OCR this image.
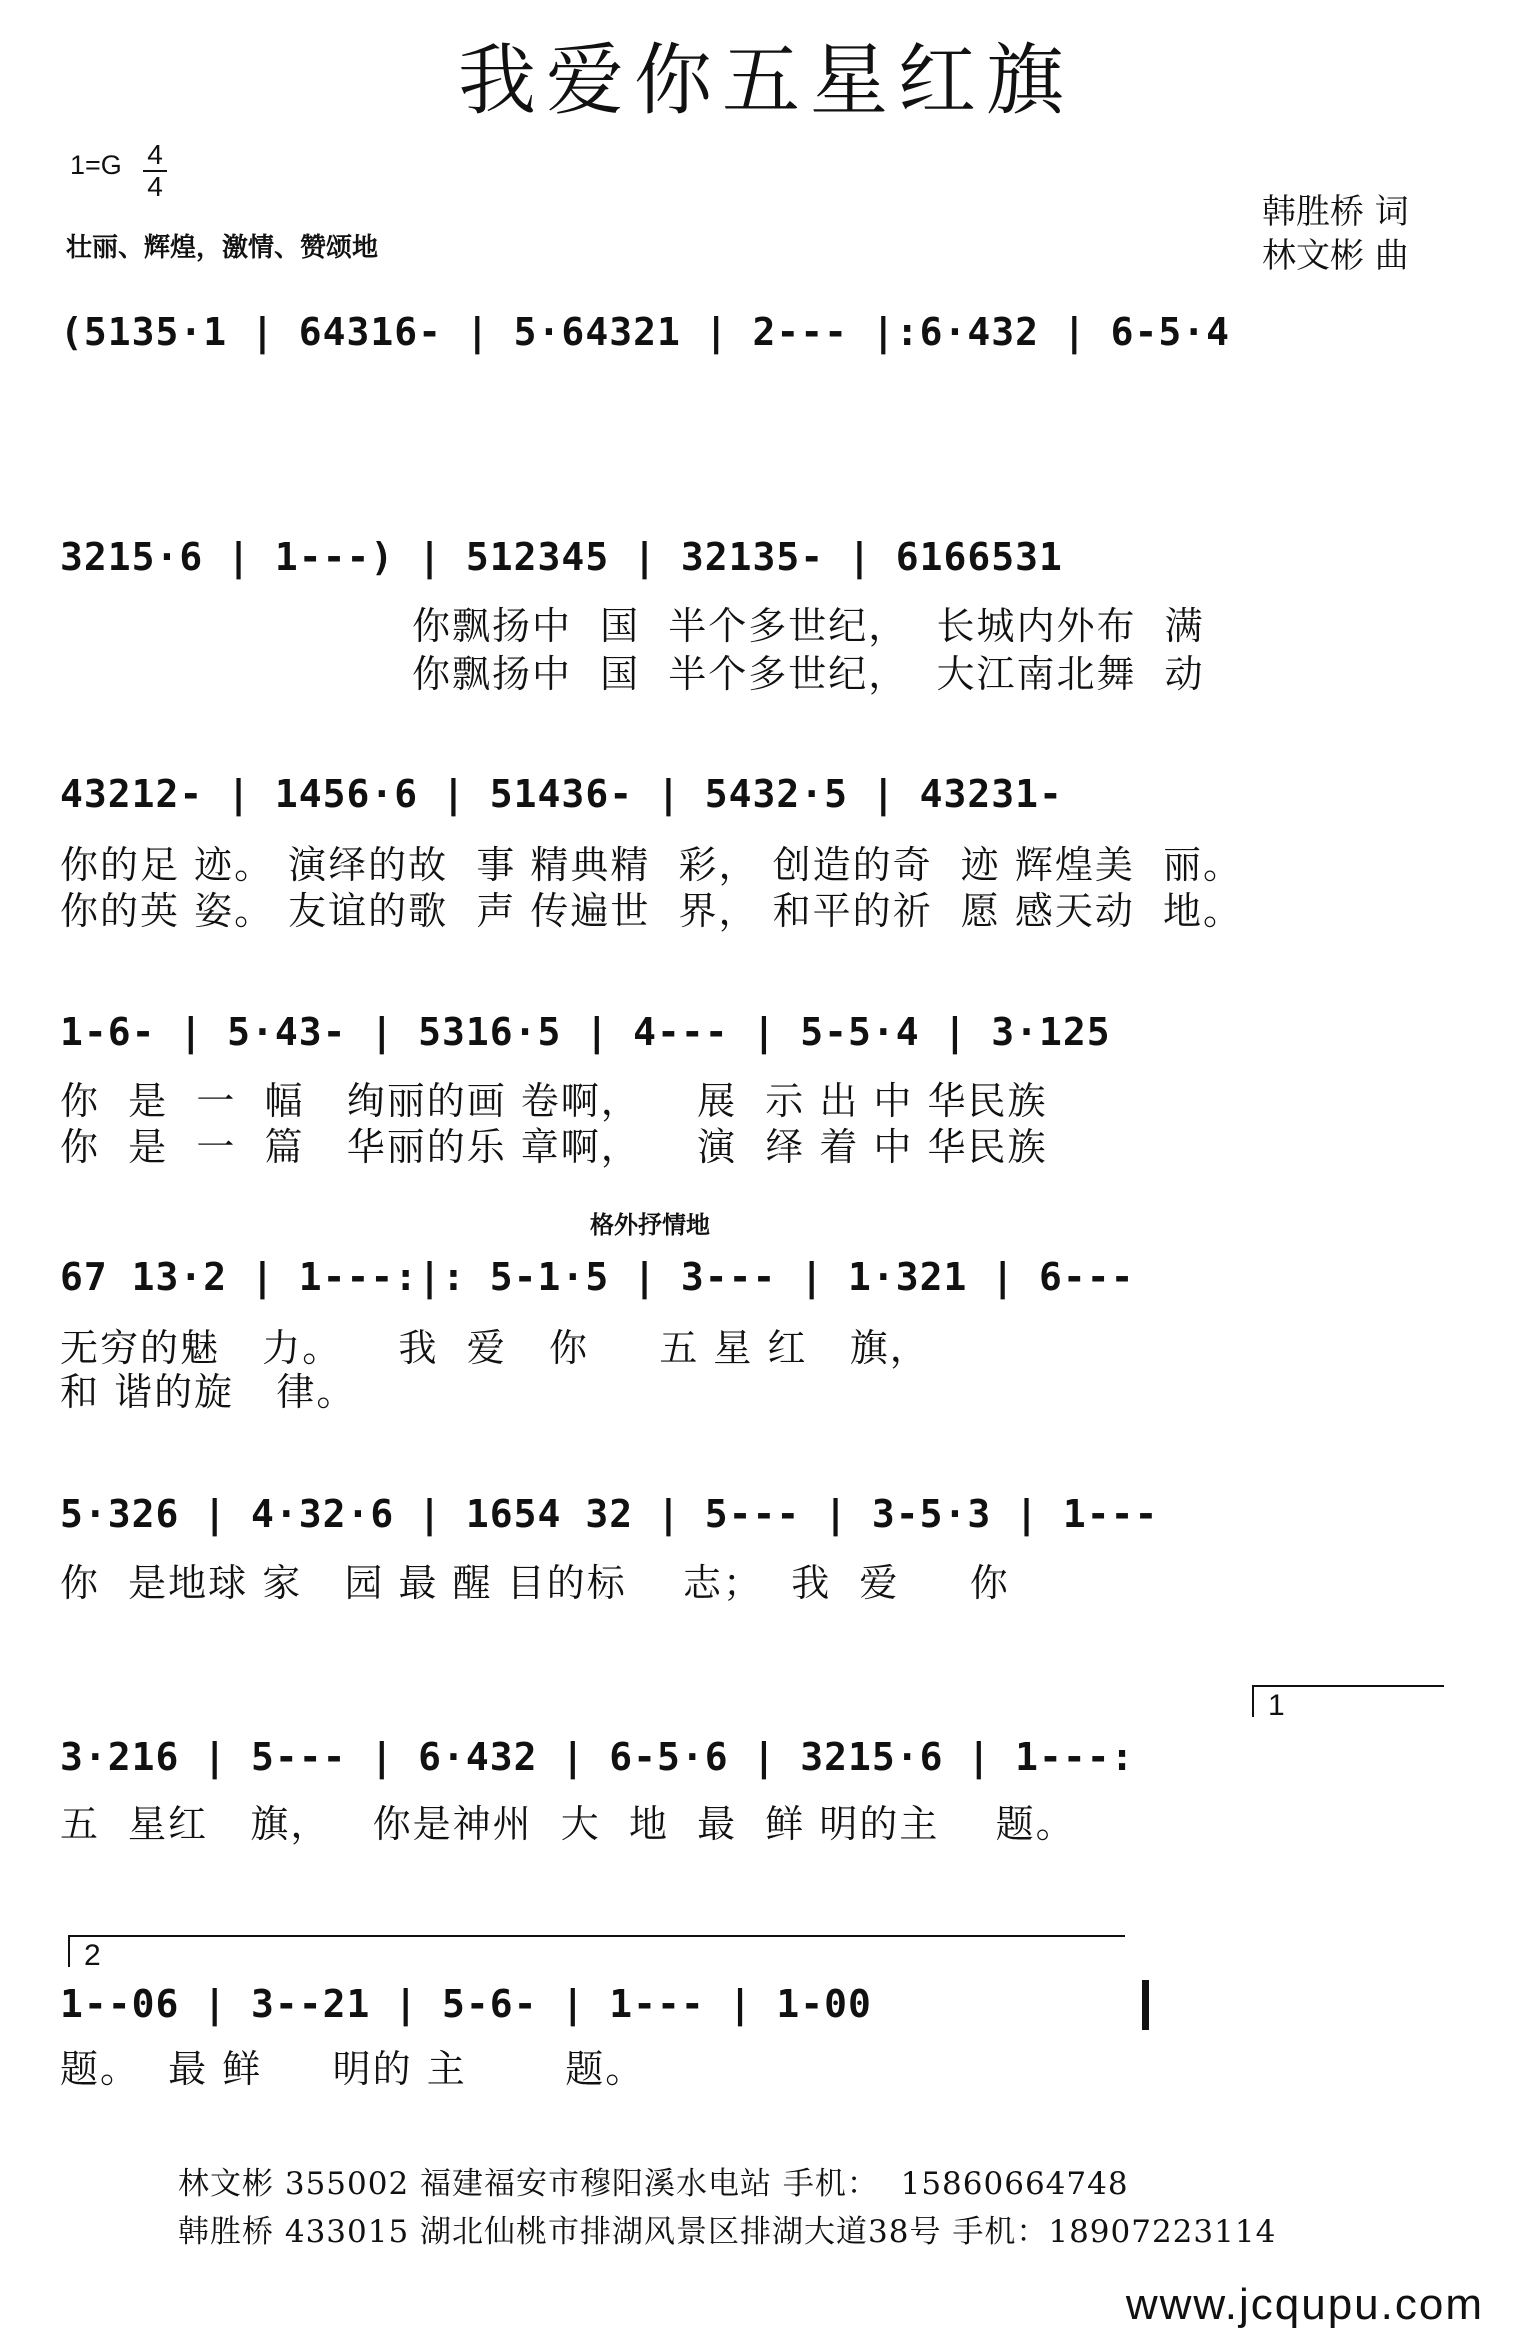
我爱你五星红旗
1=G 4
4
壮丽、辉煌，激情、赞颂地
韩胜桥 词
林文彬 曲
(5135·1 | 64316- | 5·64321 | 2--- |:6·432 | 6-5·4
3215·6 | 1---) | 512345 | 32135- | 6166531
你飘扬中  国  半个多世纪，  长城内外布  满
你飘扬中  国  半个多世纪，  大江南北舞  动
43212- | 1456·6 | 51436- | 5432·5 | 43231-
你的足 迹。 演绎的故  事 精典精  彩， 创造的奇  迹 辉煌美  丽。
你的英 姿。 友谊的歌  声 传遍世  界， 和平的祈  愿 感天动  地。
1-6- | 5·43- | 5316·5 | 4--- | 5-5·4 | 3·125
你  是  一  幅   绚丽的画 卷啊，    展  示 出 中 华民族
你  是  一  篇   华丽的乐 章啊，    演  绎 着 中 华民族
格外抒情地
67 13·2 | 1---:|: 5-1·5 | 3--- | 1·321 | 6---
无穷的魅   力。    我  爱   你     五 星 红   旗，
和 谐的旋   律。
5·326 | 4·32·6 | 1654 32 | 5--- | 3-5·3 | 1---
你  是地球 家   园 最 醒 目的标    志；  我  爱     你
1
3·216 | 5--- | 6·432 | 6-5·6 | 3215·6 | 1---:
五  星红   旗，   你是神州  大  地  最  鲜 明的主    题。
2
1--06 | 3--21 | 5-6- | 1--- | 1-00
题。  最 鲜     明的 主       题。
林文彬 355002 福建福安市穆阳溪水电站 手机：  15860664748
韩胜桥 433015 湖北仙桃市排湖风景区排湖大道38号 手机：18907223114
www.jcqupu.com
